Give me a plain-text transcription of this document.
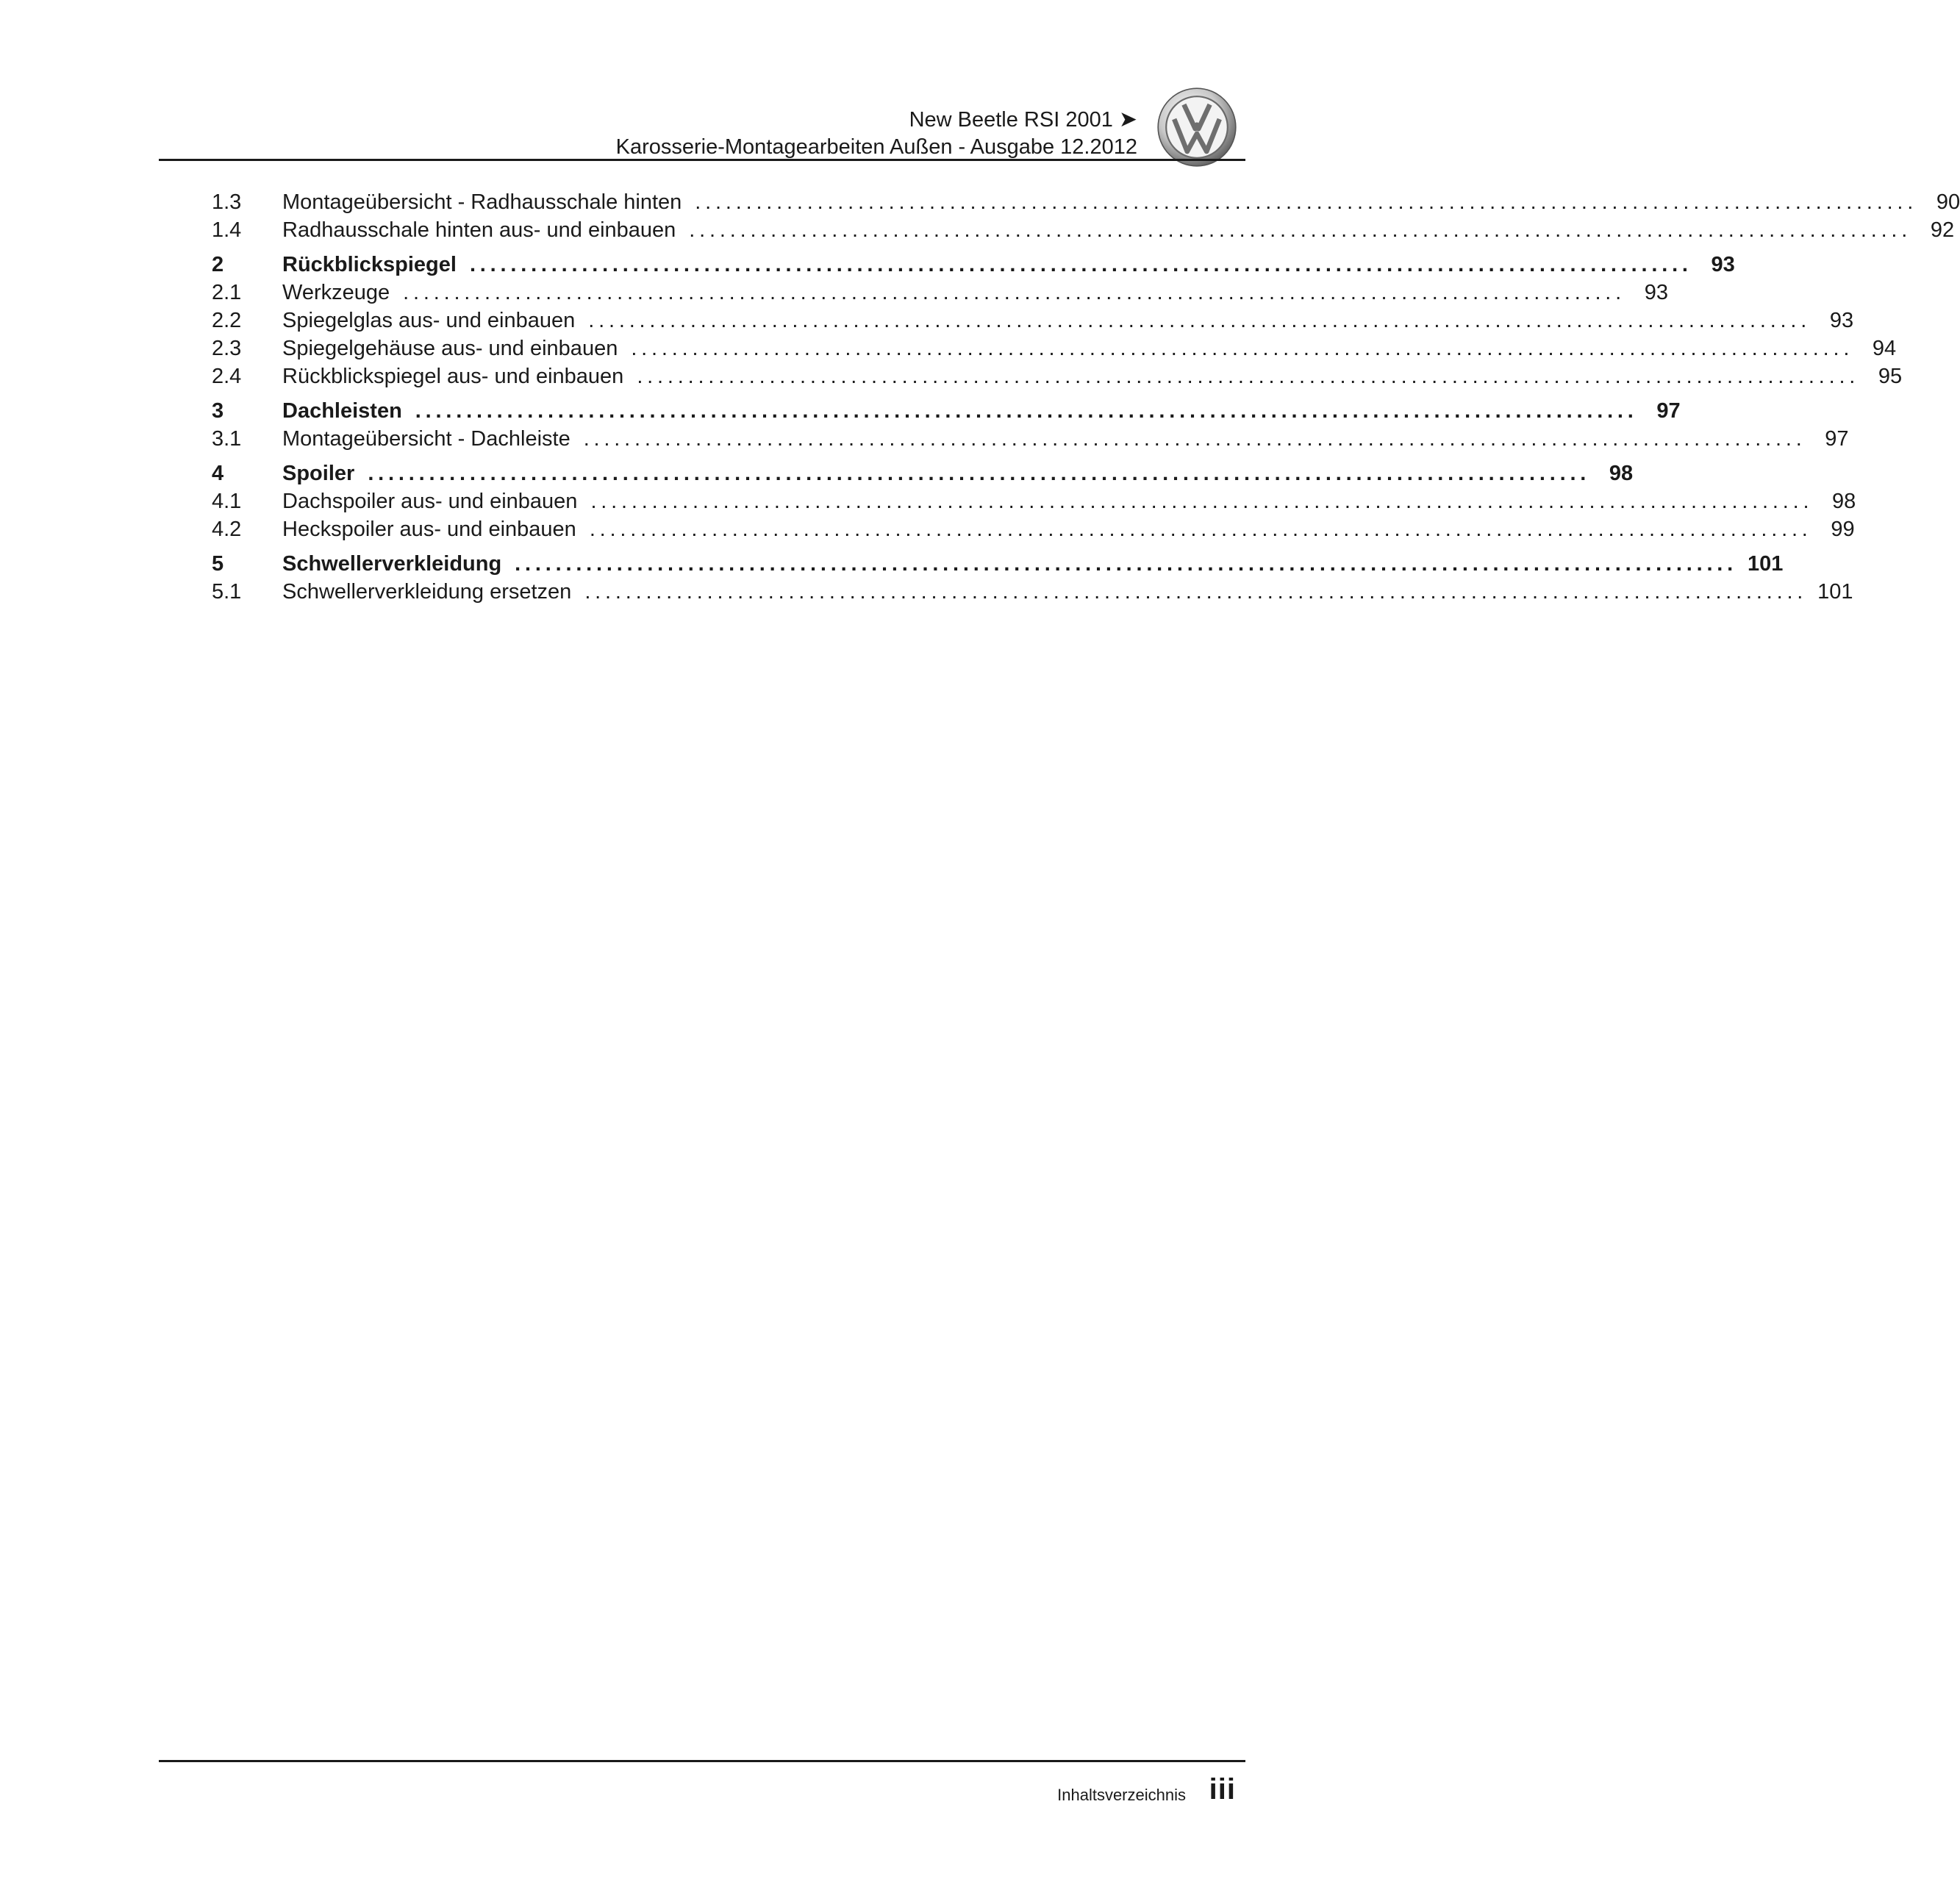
New Beetle RSI 2001 ➤
Karosserie-Montagearbeiten Außen - Ausgabe 12.2012
1.3 Montageübersicht - Radhausschale hinten ........................................................................................................................ 90
1.4 Radhausschale hinten aus- und einbauen ........................................................................................................................ 92
2	Rückblickspiegel ........................................................................................................................ 93
2.1 Werkzeuge ........................................................................................................................ 93
2.2 Spiegelglas aus- und einbauen ........................................................................................................................ 93
2.3 Spiegelgehäuse aus- und einbauen ........................................................................................................................ 94
2.4 Rückblickspiegel aus- und einbauen ........................................................................................................................ 95
3	Dachleisten ........................................................................................................................ 97
3.1 Montageübersicht - Dachleiste ........................................................................................................................ 97
4	Spoiler ........................................................................................................................ 98
4.1 Dachspoiler aus- und einbauen ........................................................................................................................ 98
4.2 Heckspoiler aus- und einbauen ........................................................................................................................ 99
5	Schwellerverkleidung ........................................................................................................................ 101
5.1 Schwellerverkleidung ersetzen ........................................................................................................................ 101
Inhaltsverzeichnis iii
